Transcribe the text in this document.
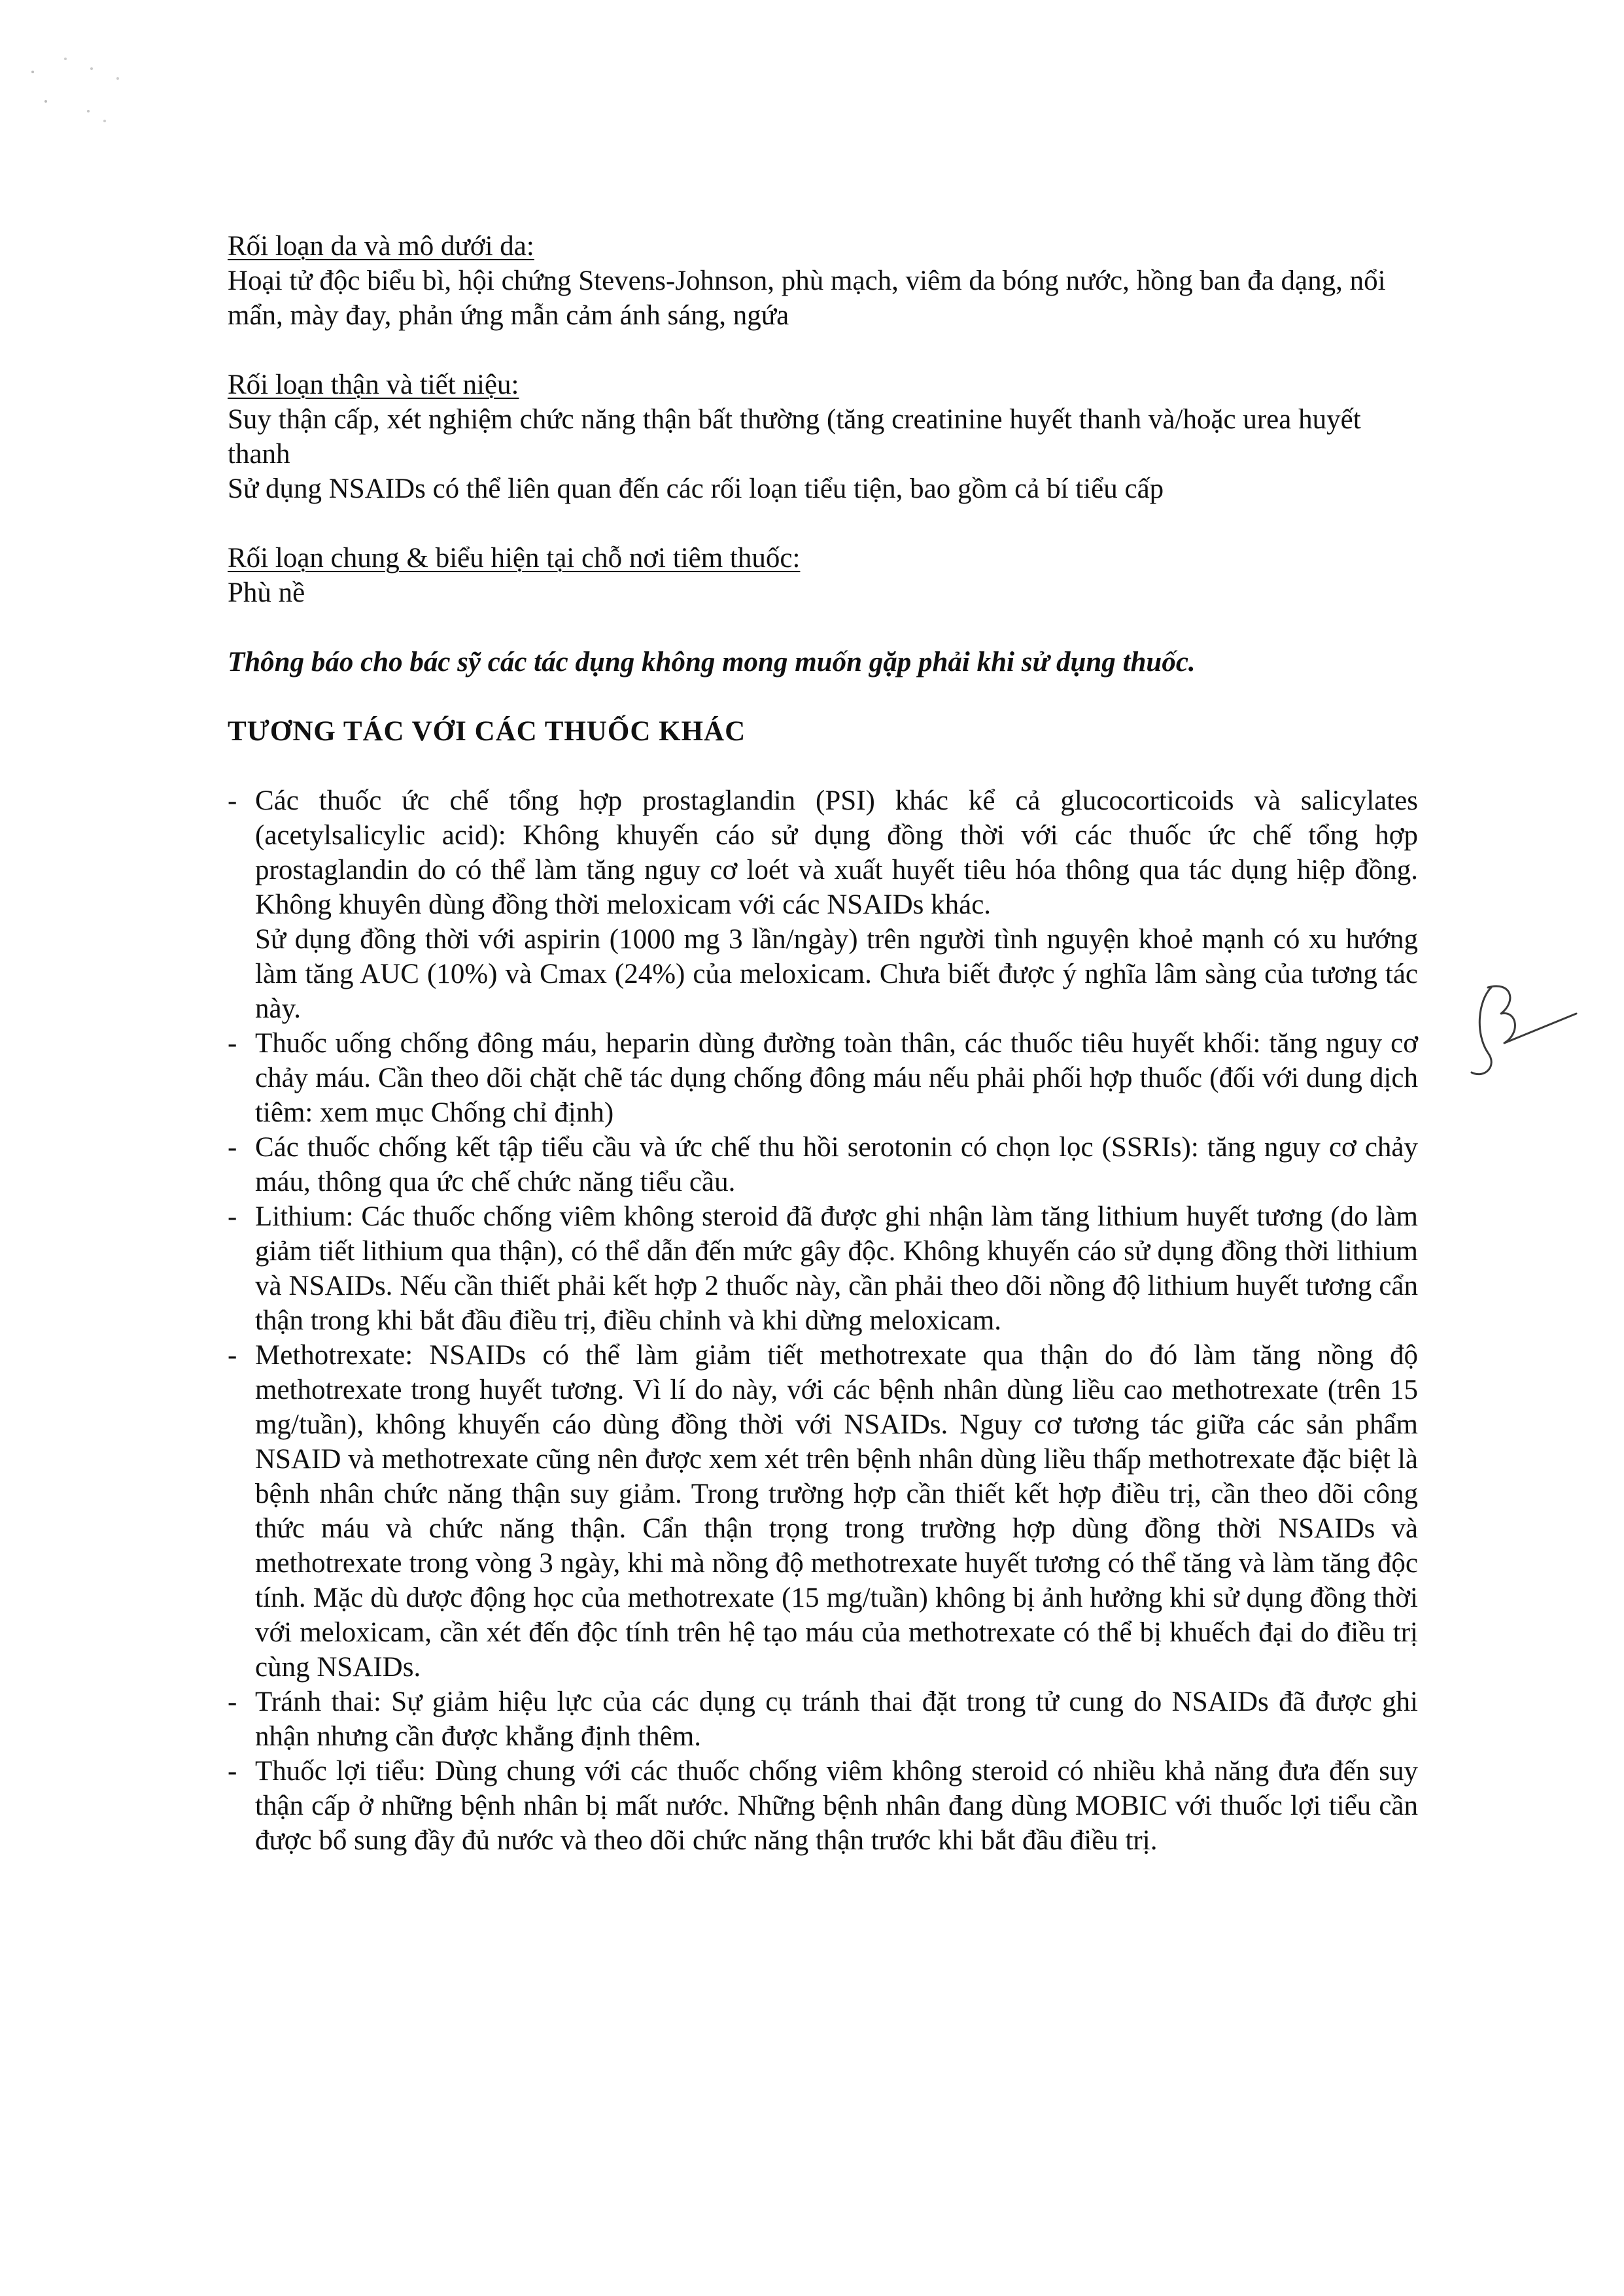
Rối loạn da và mô dưới da:

Hoại tử độc biểu bì, hội chứng Stevens-Johnson, phù mạch, viêm da bóng nước, hồng ban đa dạng, nổi mẩn, mày đay, phản ứng mẫn cảm ánh sáng, ngứa

Rối loạn thận và tiết niệu:

Suy thận cấp, xét nghiệm chức năng thận bất thường (tăng creatinine huyết thanh và/hoặc urea huyết thanh

Sử dụng NSAIDs có thể liên quan đến các rối loạn tiểu tiện, bao gồm cả bí tiểu cấp

Rối loạn chung & biểu hiện tại chỗ nơi tiêm thuốc:

Phù nề

Thông báo cho bác sỹ các tác dụng không mong muốn gặp phải khi sử dụng thuốc.

TƯƠNG TÁC VỚI CÁC THUỐC KHÁC
- Các thuốc ức chế tổng hợp prostaglandin (PSI) khác kể cả glucocorticoids và salicylates (acetylsalicylic acid): Không khuyến cáo sử dụng đồng thời với các thuốc ức chế tổng hợp prostaglandin do có thể làm tăng nguy cơ loét và xuất huyết tiêu hóa thông qua tác dụng hiệp đồng. Không khuyên dùng đồng thời meloxicam với các NSAIDs khác.

Sử dụng đồng thời với aspirin (1000 mg 3 lần/ngày) trên người tình nguyện khoẻ mạnh có xu hướng làm tăng AUC (10%) và Cmax (24%) của meloxicam. Chưa biết được ý nghĩa lâm sàng của tương tác này.

- Thuốc uống chống đông máu, heparin dùng đường toàn thân, các thuốc tiêu huyết khối: tăng nguy cơ chảy máu. Cần theo dõi chặt chẽ tác dụng chống đông máu nếu phải phối hợp thuốc (đối với dung dịch tiêm: xem mục Chống chỉ định)

- Các thuốc chống kết tập tiểu cầu và ức chế thu hồi serotonin có chọn lọc (SSRIs): tăng nguy cơ chảy máu, thông qua ức chế chức năng tiểu cầu.

- Lithium: Các thuốc chống viêm không steroid đã được ghi nhận làm tăng lithium huyết tương (do làm giảm tiết lithium qua thận), có thể dẫn đến mức gây độc. Không khuyến cáo sử dụng đồng thời lithium và NSAIDs. Nếu cần thiết phải kết hợp 2 thuốc này, cần phải theo dõi nồng độ lithium huyết tương cẩn thận trong khi bắt đầu điều trị, điều chỉnh và khi dừng meloxicam.

- Methotrexate: NSAIDs có thể làm giảm tiết methotrexate qua thận do đó làm tăng nồng độ methotrexate trong huyết tương. Vì lí do này, với các bệnh nhân dùng liều cao methotrexate (trên 15 mg/tuần), không khuyến cáo dùng đồng thời với NSAIDs. Nguy cơ tương tác giữa các sản phẩm NSAID và methotrexate cũng nên được xem xét trên bệnh nhân dùng liều thấp methotrexate đặc biệt là bệnh nhân chức năng thận suy giảm. Trong trường hợp cần thiết kết hợp điều trị, cần theo dõi công thức máu và chức năng thận. Cẩn thận trọng trong trường hợp dùng đồng thời NSAIDs và methotrexate trong vòng 3 ngày, khi mà nồng độ methotrexate huyết tương có thể tăng và làm tăng độc tính. Mặc dù dược động học của methotrexate (15 mg/tuần) không bị ảnh hưởng khi sử dụng đồng thời với meloxicam, cần xét đến độc tính trên hệ tạo máu của methotrexate có thể bị khuếch đại do điều trị cùng NSAIDs.

- Tránh thai: Sự giảm hiệu lực của các dụng cụ tránh thai đặt trong tử cung do NSAIDs đã được ghi nhận nhưng cần được khẳng định thêm.

- Thuốc lợi tiểu: Dùng chung với các thuốc chống viêm không steroid có nhiều khả năng đưa đến suy thận cấp ở những bệnh nhân bị mất nước. Những bệnh nhân đang dùng MOBIC với thuốc lợi tiểu cần được bổ sung đầy đủ nước và theo dõi chức năng thận trước khi bắt đầu điều trị.
